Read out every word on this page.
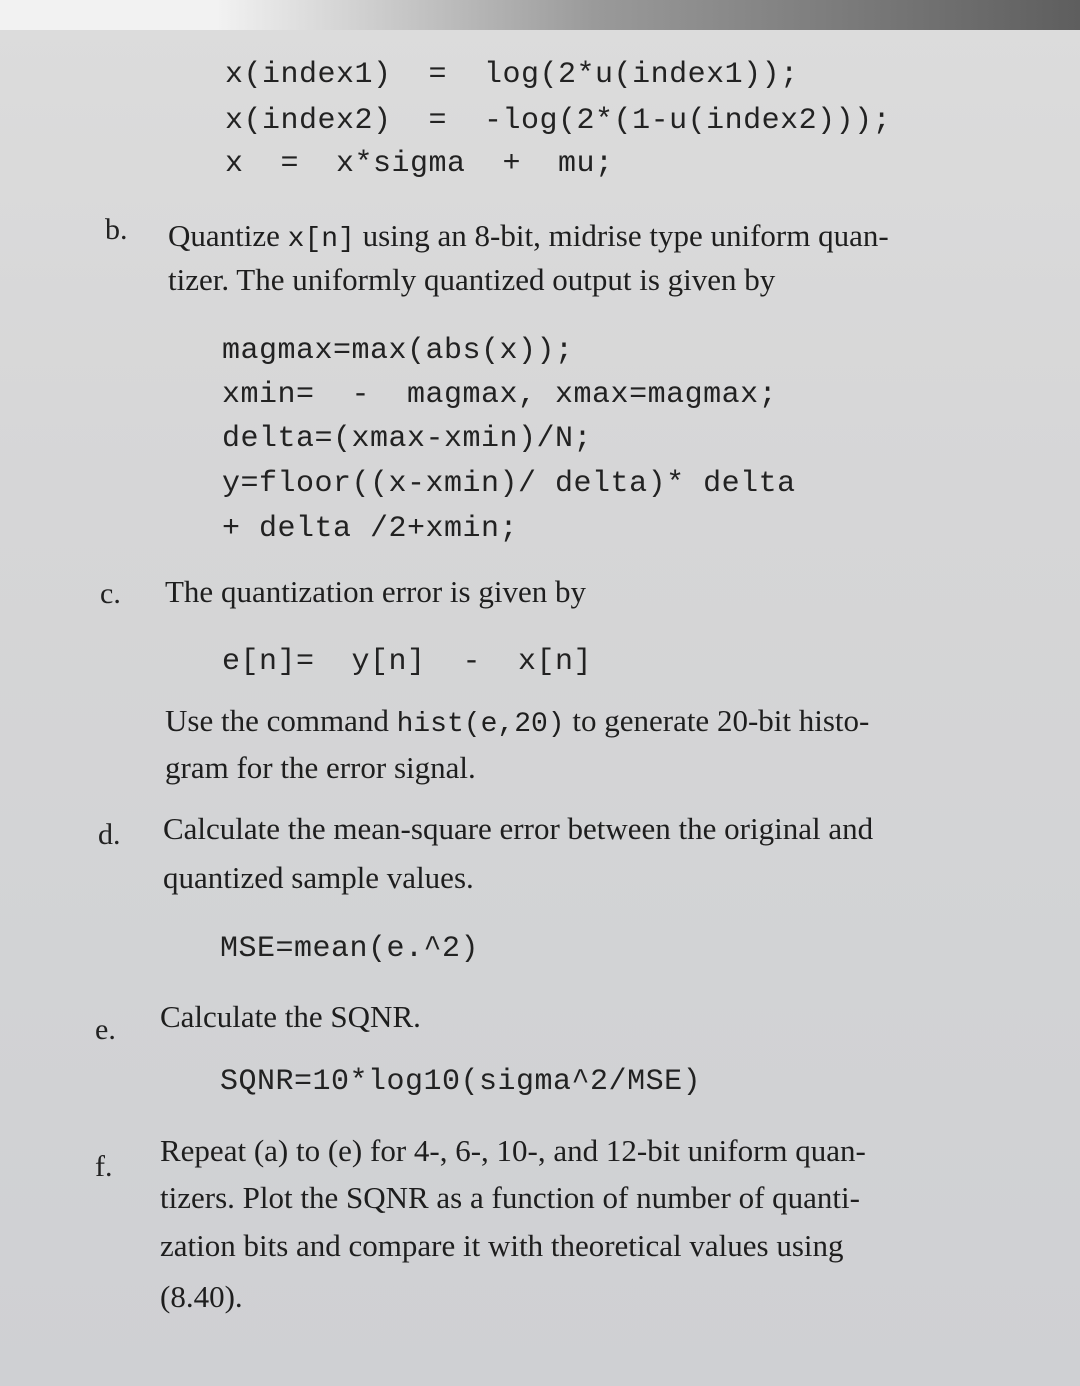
x(index1)  =  log(2*u(index1));
x(index2)  =  -log(2*(1-u(index2)));
x  =  x*sigma  +  mu;
b. Quantize x[n] using an 8-bit, midrise type uniform quan-
tizer. The uniformly quantized output is given by
magmax=max(abs(x));
xmin=  -  magmax, xmax=magmax;
delta=(xmax-xmin)/N;
y=floor((x-xmin)/ delta)* delta
+ delta /2+xmin;
c. The quantization error is given by
e[n]=  y[n]  -  x[n]
Use the command hist(e,20) to generate 20-bit histo-
gram for the error signal.
d. Calculate the mean-square error between the original and
quantized sample values.
MSE=mean(e.^2)
e. Calculate the SQNR.
SQNR=10*log10(sigma^2/MSE)
f. Repeat (a) to (e) for 4-, 6-, 10-, and 12-bit uniform quan-
tizers. Plot the SQNR as a function of number of quanti-
zation bits and compare it with theoretical values using
(8.40).
